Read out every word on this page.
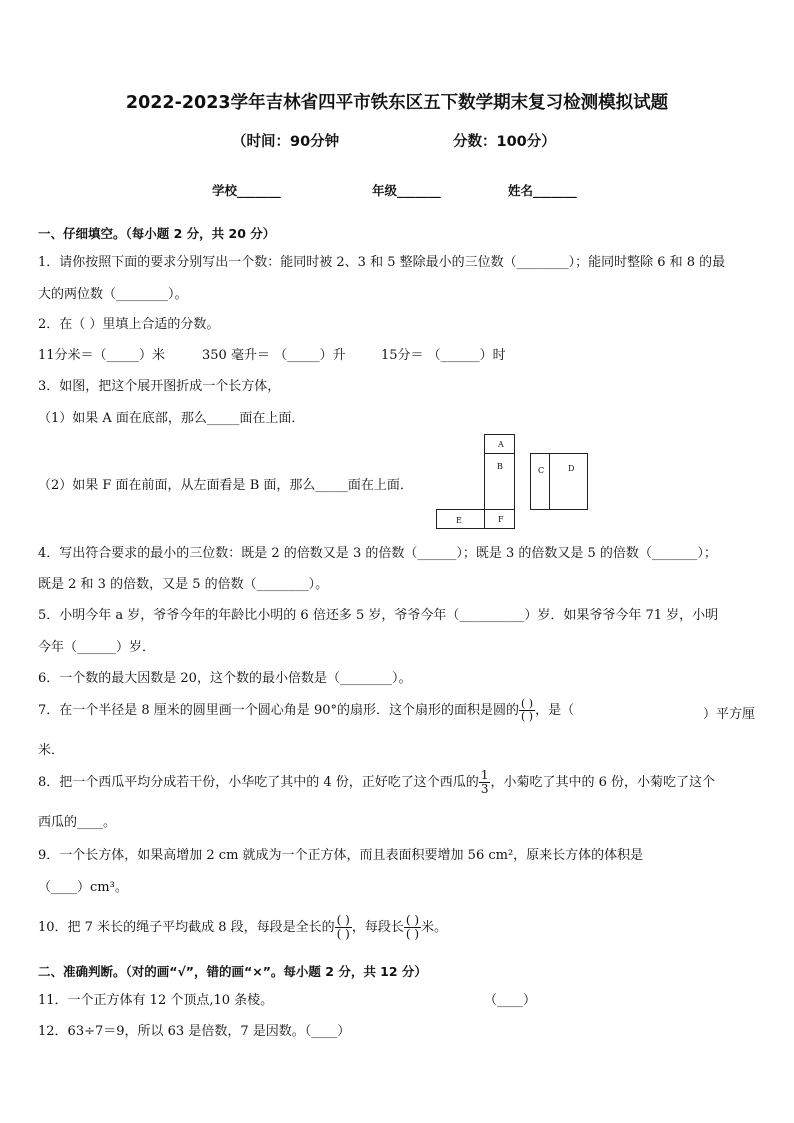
2022-2023学年吉林省四平市铁东区五下数学期末复习检测模拟试题
（时间：90分钟	分数：100分）
学校_______	年级_______	姓名_______
一、仔细填空。（每小题 2 分，共 20 分）
1．请你按照下面的要求分别写出一个数：能同时被 2、3 和 5 整除最小的三位数（________）；能同时整除 6 和 8 的最
大的两位数（________）。
2．在（ ）里填上合适的分数。
11分米＝（_____）米	350 毫升＝ （_____）升	15分＝ （______）时
3．如图，把这个展开图折成一个长方体，
（1）如果 A 面在底部，那么_____面在上面．
（2）如果 F 面在前面，从左面看是 B 面，那么_____面在上面．
A
B	C	D
E	F
4．写出符合要求的最小的三位数：既是 2 的倍数又是 3 的倍数（______）；既是 3 的倍数又是 5 的倍数（_______）；
既是 2 和 3 的倍数，又是 5 的倍数（________）。
5．小明今年 a 岁，爷爷今年的年龄比小明的 6 倍还多 5 岁，爷爷今年（__________）岁．如果爷爷今年 71 岁，小明
今年（______）岁．
6．一个数的最大因数是 20，这个数的最小倍数是（________）。
7．在一个半径是 8 厘米的圆里画一个圆心角是 90°的扇形．这个扇形的面积是圆的 $\frac{( )}{( )}$ ，是（	）平方厘
米．
8．把一个西瓜平均分成若干份，小华吃了其中的 4 份，正好吃了这个西瓜的 $\frac{1}{3}$ ，小菊吃了其中的 6 份，小菊吃了这个
西瓜的____。
9．一个长方体，如果高增加 2 cm 就成为一个正方体，而且表面积要增加 56 cm²，原来长方体的体积是
（____）cm³。
10．把 7 米长的绳子平均截成 8 段，每段是全长的 $\frac{( )}{( )}$ ，每段长 $\frac{( )}{( )}$ 米。
二、准确判断。（对的画“√”，错的画“×”。每小题 2 分，共 12 分）
11．一个正方体有 12 个顶点,10 条棱。	（____）
12．63÷7＝9，所以 63 是倍数，7 是因数。（____）
